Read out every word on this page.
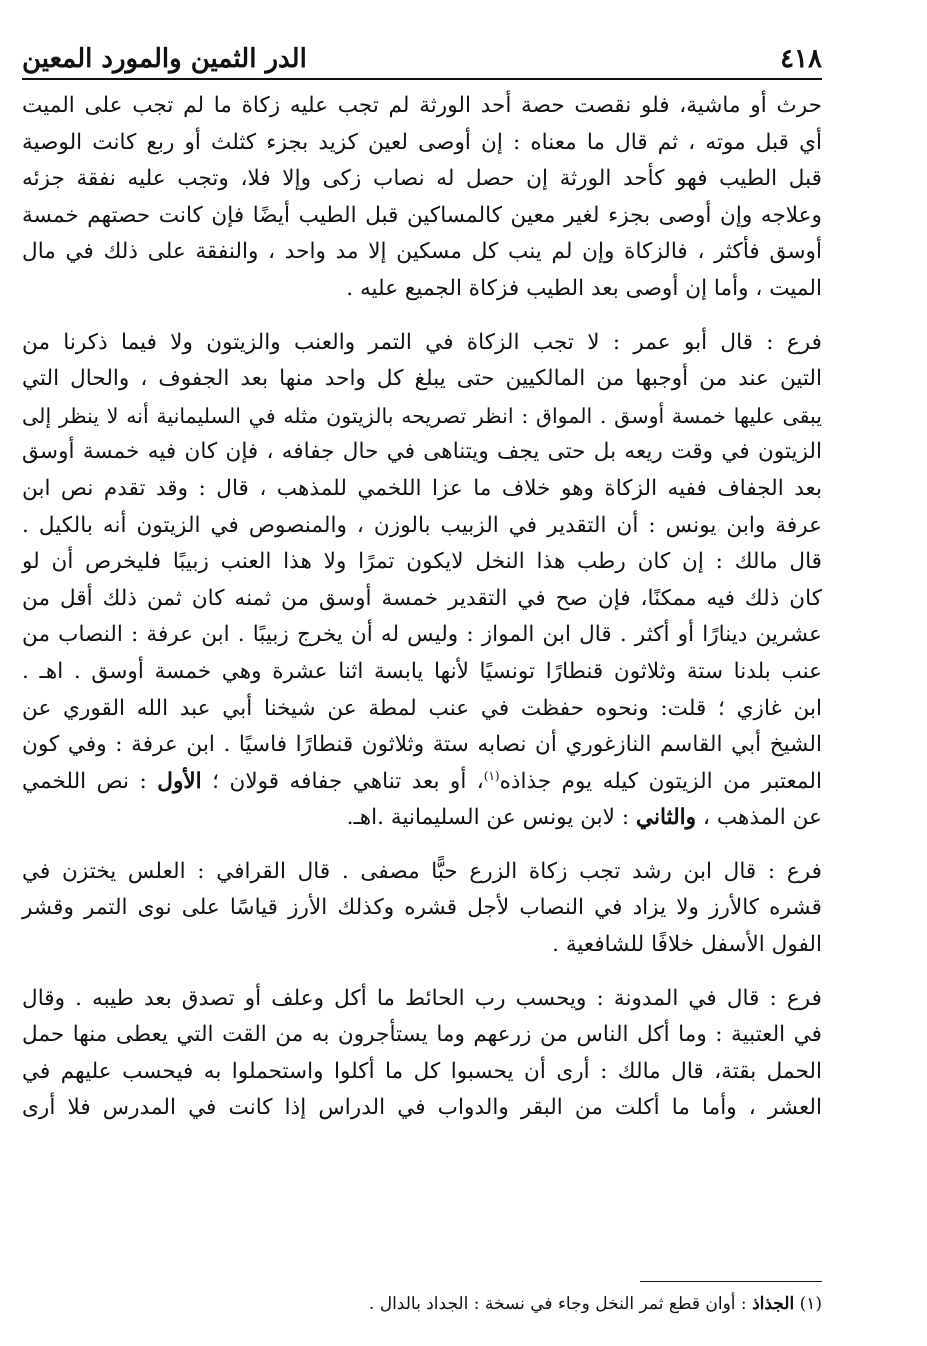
٤١٨
الدر الثمين والمورد المعين
حرث أو ماشية، فلو نقصت حصة أحد الورثة لم تجب عليه زكاة ما لم تجب على الميت
أي قبل موته ، ثم قال ما معناه : إن أوصى لعين كزيد بجزء كثلث أو ربع كانت الوصية
قبل الطيب فهو كأحد الورثة إن حصل له نصاب زكى وإلا فلا، وتجب عليه نفقة جزئه
وعلاجه وإن أوصى بجزء لغير معين كالمساكين قبل الطيب أيضًا فإن كانت حصتهم خمسة
أوسق فأكثر ، فالزكاة وإن لم ينب كل مسكين إلا مد واحد ، والنفقة على ذلك في مال
الميت ، وأما إن أوصى بعد الطيب فزكاة الجميع عليه .
فرع : قال أبو عمر : لا تجب الزكاة في التمر والعنب والزيتون ولا فيما ذكرنا من
التين عند من أوجبها من المالكيين حتى يبلغ كل واحد منها بعد الجفوف ، والحال التي
يبقى عليها خمسة أوسق . المواق : انظر تصريحه بالزيتون مثله في السليمانية أنه لا ينظر إلى
الزيتون في وقت ريعه بل حتى يجف ويتناهى في حال جفافه ، فإن كان فيه خمسة أوسق
بعد الجفاف ففيه الزكاة وهو خلاف ما عزا اللخمي للمذهب ، قال : وقد تقدم نص ابن
عرفة وابن يونس : أن التقدير في الزبيب بالوزن ، والمنصوص في الزيتون أنه بالكيل .
قال مالك : إن كان رطب هذا النخل لايكون تمرًا ولا هذا العنب زبيبًا فليخرص أن لو
كان ذلك فيه ممكنًا، فإن صح في التقدير خمسة أوسق من ثمنه كان ثمن ذلك أقل من
عشرين دينارًا أو أكثر . قال ابن المواز : وليس له أن يخرج زبيبًا . ابن عرفة : النصاب من
عنب بلدنا ستة وثلاثون قنطارًا تونسيًا لأنها يابسة اثنا عشرة وهي خمسة أوسق . اهـ .
ابن غازي ؛ قلت: ونحوه حفظت في عنب لمطة عن شيخنا أبي عبد الله القوري عن
الشيخ أبي القاسم النازغوري أن نصابه ستة وثلاثون قنطارًا فاسيًا . ابن عرفة : وفي كون
المعتبر من الزيتون كيله يوم جذاذه$^{(١)}$، أو بعد تناهي جفافه قولان ؛ الأول : نص اللخمي
عن المذهب ، والثاني : لابن يونس عن السليمانية .اهـ.
فرع : قال ابن رشد تجب زكاة الزرع حبًّا مصفى . قال القرافي : العلس يختزن في
قشره كالأرز ولا يزاد في النصاب لأجل قشره وكذلك الأرز قياسًا على نوى التمر وقشر
الفول الأسفل خلافًا للشافعية .
فرع : قال في المدونة : ويحسب رب الحائط ما أكل وعلف أو تصدق بعد طيبه . وقال
في العتبية : وما أكل الناس من زرعهم وما يستأجرون به من القت التي يعطى منها حمل
الحمل بقتة، قال مالك : أرى أن يحسبوا كل ما أكلوا واستحملوا به فيحسب عليهم في
العشر ، وأما ما أكلت من البقر والدواب في الدراس إذا كانت في المدرس فلا أرى
(١) الجذاذ : أوان قطع ثمر النخل وجاء في نسخة : الجداد بالدال .
